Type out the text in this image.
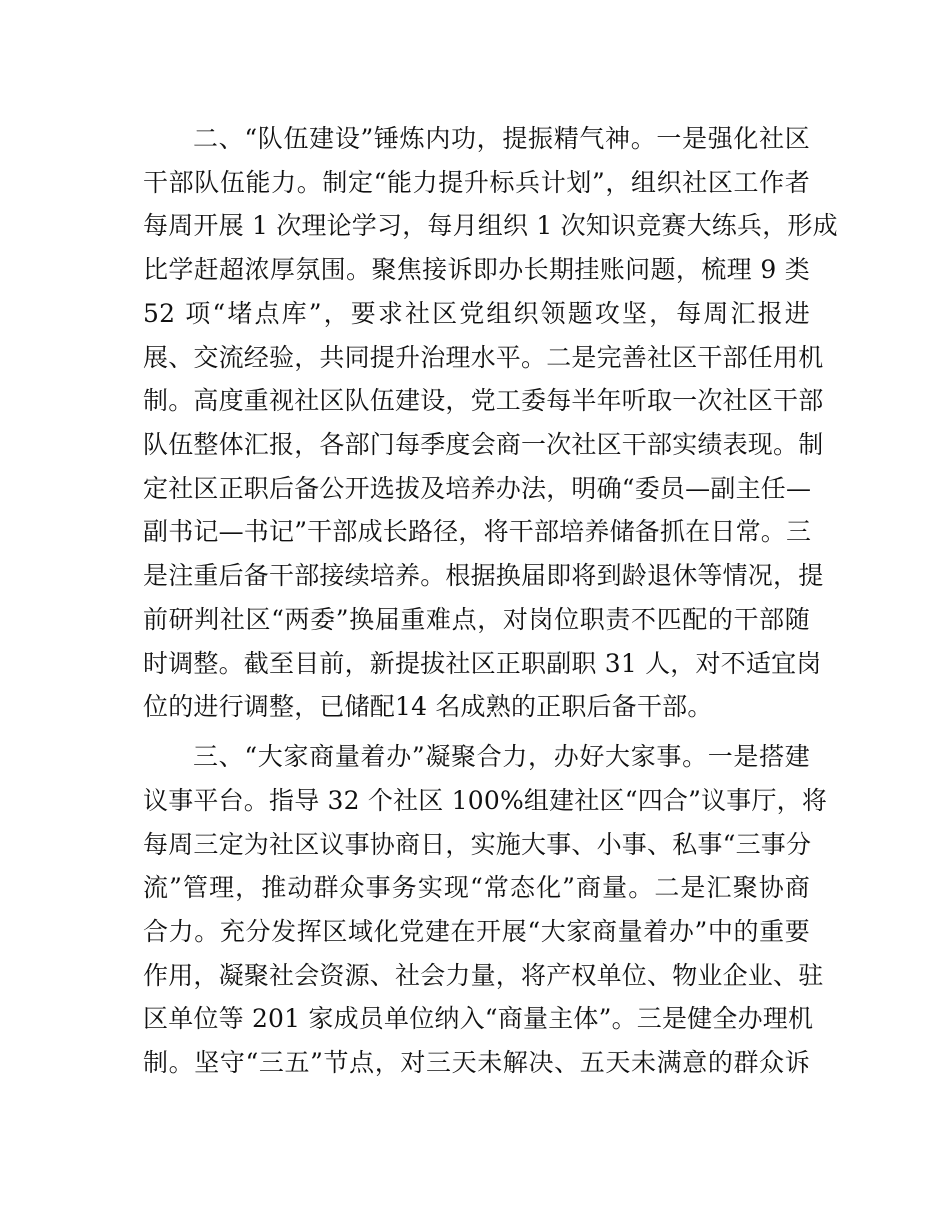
二、“队伍建设”锤炼内功，提振精气神。一是强化社区
干部队伍能力。制定“能力提升标兵计划”，组织社区工作者
每周开展 1 次理论学习，每月组织 1 次知识竞赛大练兵，形成
比学赶超浓厚氛围。聚焦接诉即办长期挂账问题，梳理 9 类
52 项“堵点库”，要求社区党组织领题攻坚，每周汇报进
展、交流经验，共同提升治理水平。二是完善社区干部任用机
制。高度重视社区队伍建设，党工委每半年听取一次社区干部
队伍整体汇报，各部门每季度会商一次社区干部实绩表现。制
定社区正职后备公开选拔及培养办法，明确“委员—副主任—
副书记—书记”干部成长路径，将干部培养储备抓在日常。三
是注重后备干部接续培养。根据换届即将到龄退休等情况，提
前研判社区“两委”换届重难点，对岗位职责不匹配的干部随
时调整。截至目前，新提拔社区正职副职 31 人，对不适宜岗
位的进行调整，已储配14 名成熟的正职后备干部。
三、“大家商量着办”凝聚合力，办好大家事。一是搭建
议事平台。指导 32 个社区 100%组建社区“四合”议事厅，将
每周三定为社区议事协商日，实施大事、小事、私事“三事分
流”管理，推动群众事务实现“常态化”商量。二是汇聚协商
合力。充分发挥区域化党建在开展“大家商量着办”中的重要
作用，凝聚社会资源、社会力量，将产权单位、物业企业、驻
区单位等 201 家成员单位纳入“商量主体”。三是健全办理机
制。坚守“三五”节点，对三天未解决、五天未满意的群众诉
